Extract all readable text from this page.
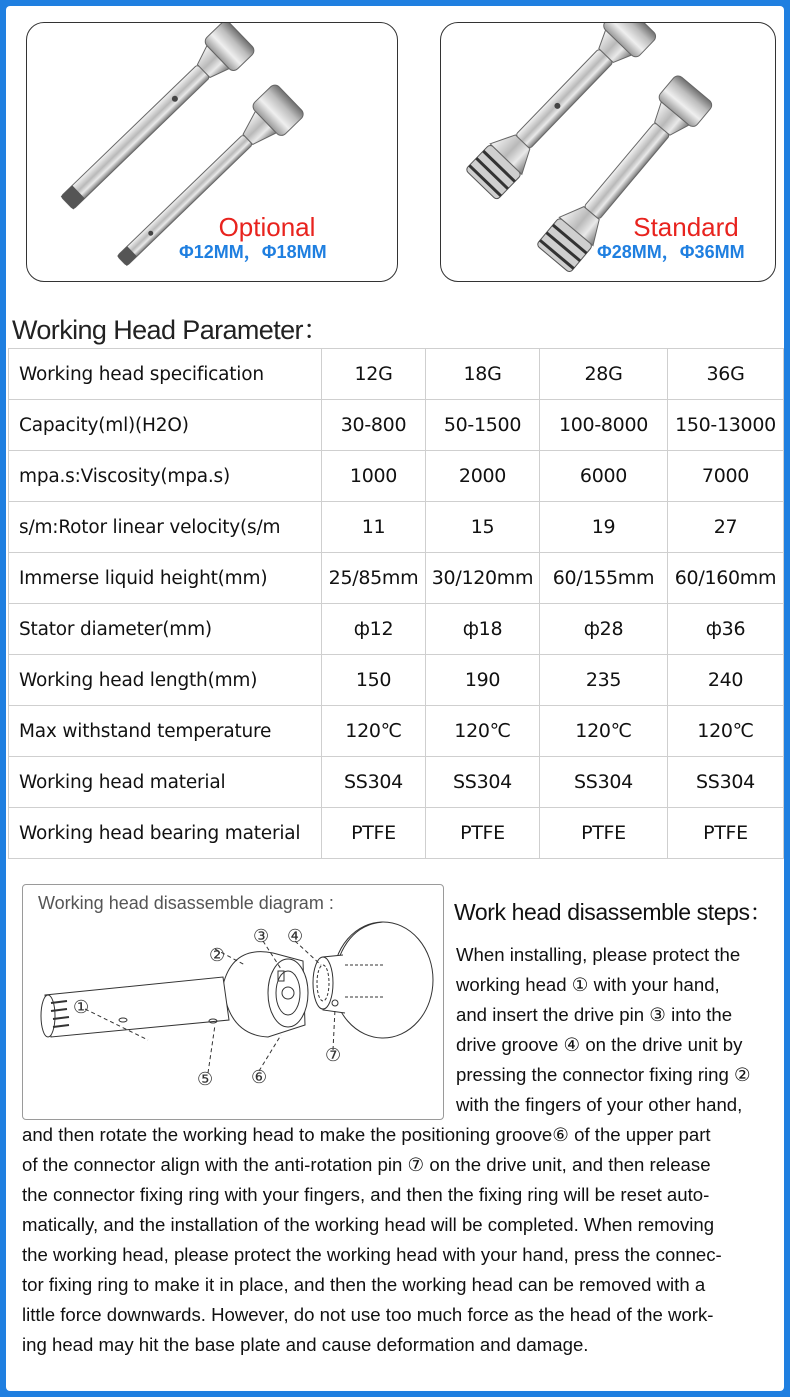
Optional
Φ12MM，Φ18MM
Standard
Φ28MM，Φ36MM
Working Head Parameter：
Working head specification	12G	18G	28G	36G
Capacity(ml)(H2O)	30-800	50-1500	100-8000	150-13000
mpa.s:Viscosity(mpa.s)	1000	2000	6000	7000
s/m:Rotor linear velocity(s/m	11	15	19	27
Immerse liquid height(mm)	25/85mm	30/120mm	60/155mm	60/160mm
Stator diameter(mm)	ф12	ф18	ф28	ф36
Working head length(mm)	150	190	235	240
Max withstand temperature	120℃	120℃	120℃	120℃
Working head material	SS304	SS304	SS304	SS304
Working head bearing material	PTFE	PTFE	PTFE	PTFE
Working head disassemble diagram :
①
②
③ ④
⑤ ⑥
⑦
Work head disassemble steps：
When installing, please protect the
working head ① with your hand,
and insert the drive pin ③ into the
drive groove ④ on the drive unit by
pressing the connector fixing ring ②
with the fingers of your other hand,
and then rotate the working head to make the positioning groove⑥ of the upper part
of the connector align with the anti-rotation pin ⑦ on the drive unit, and then release
the connector fixing ring with your fingers, and then the fixing ring will be reset auto-
matically, and the installation of the working head will be completed. When removing
the working head, please protect the working head with your hand, press the connec-
tor fixing ring to make it in place, and then the working head can be removed with a
little force downwards. However, do not use too much force as the head of the work-
ing head may hit the base plate and cause deformation and damage.
